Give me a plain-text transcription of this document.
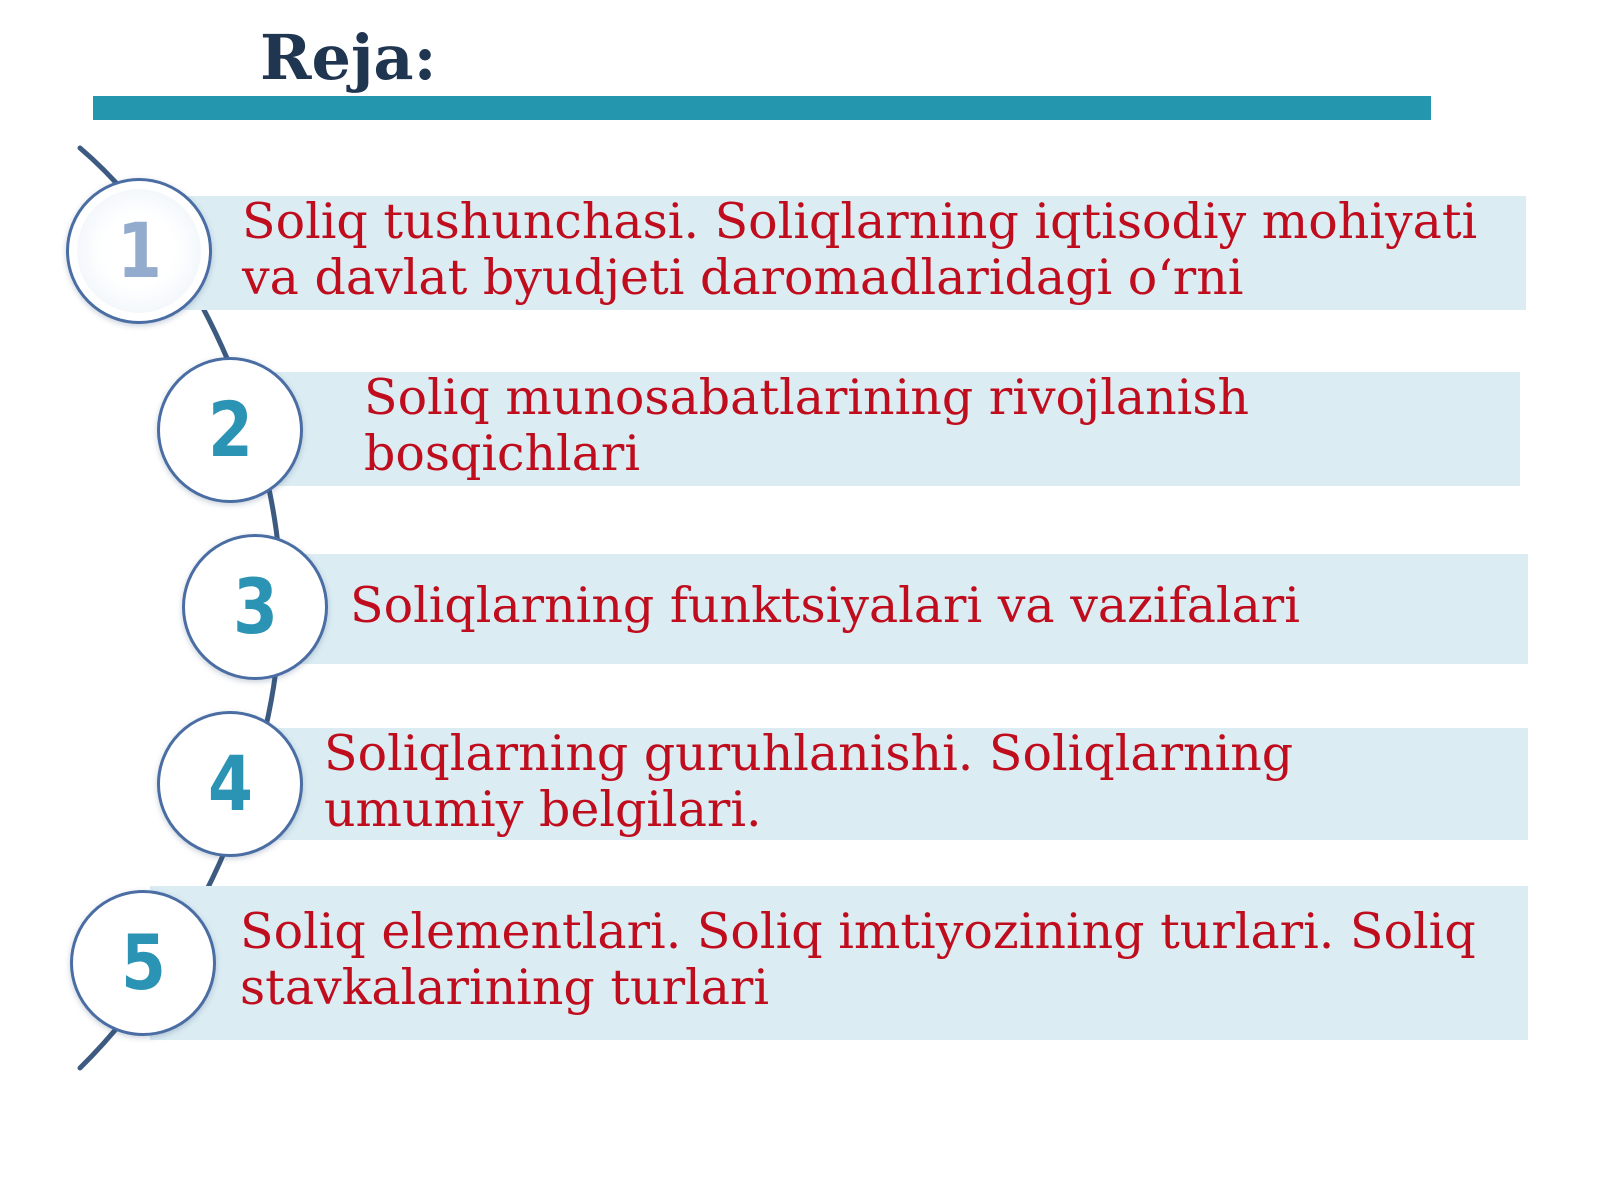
Reja:

Soliq tushunchasi. Soliqlarning iqtisodiy mohiyati

va davlat byudjeti daromadlaridagi o‘rni

1

Soliq munosabatlarining rivojlanish

bosqichlari

2

Soliqlarning funktsiyalari va vazifalari

3

Soliqlarning guruhlanishi. Soliqlarning

umumiy belgilari.

4

Soliq elementlari. Soliq imtiyozining turlari. Soliq

stavkalarining turlari

5
